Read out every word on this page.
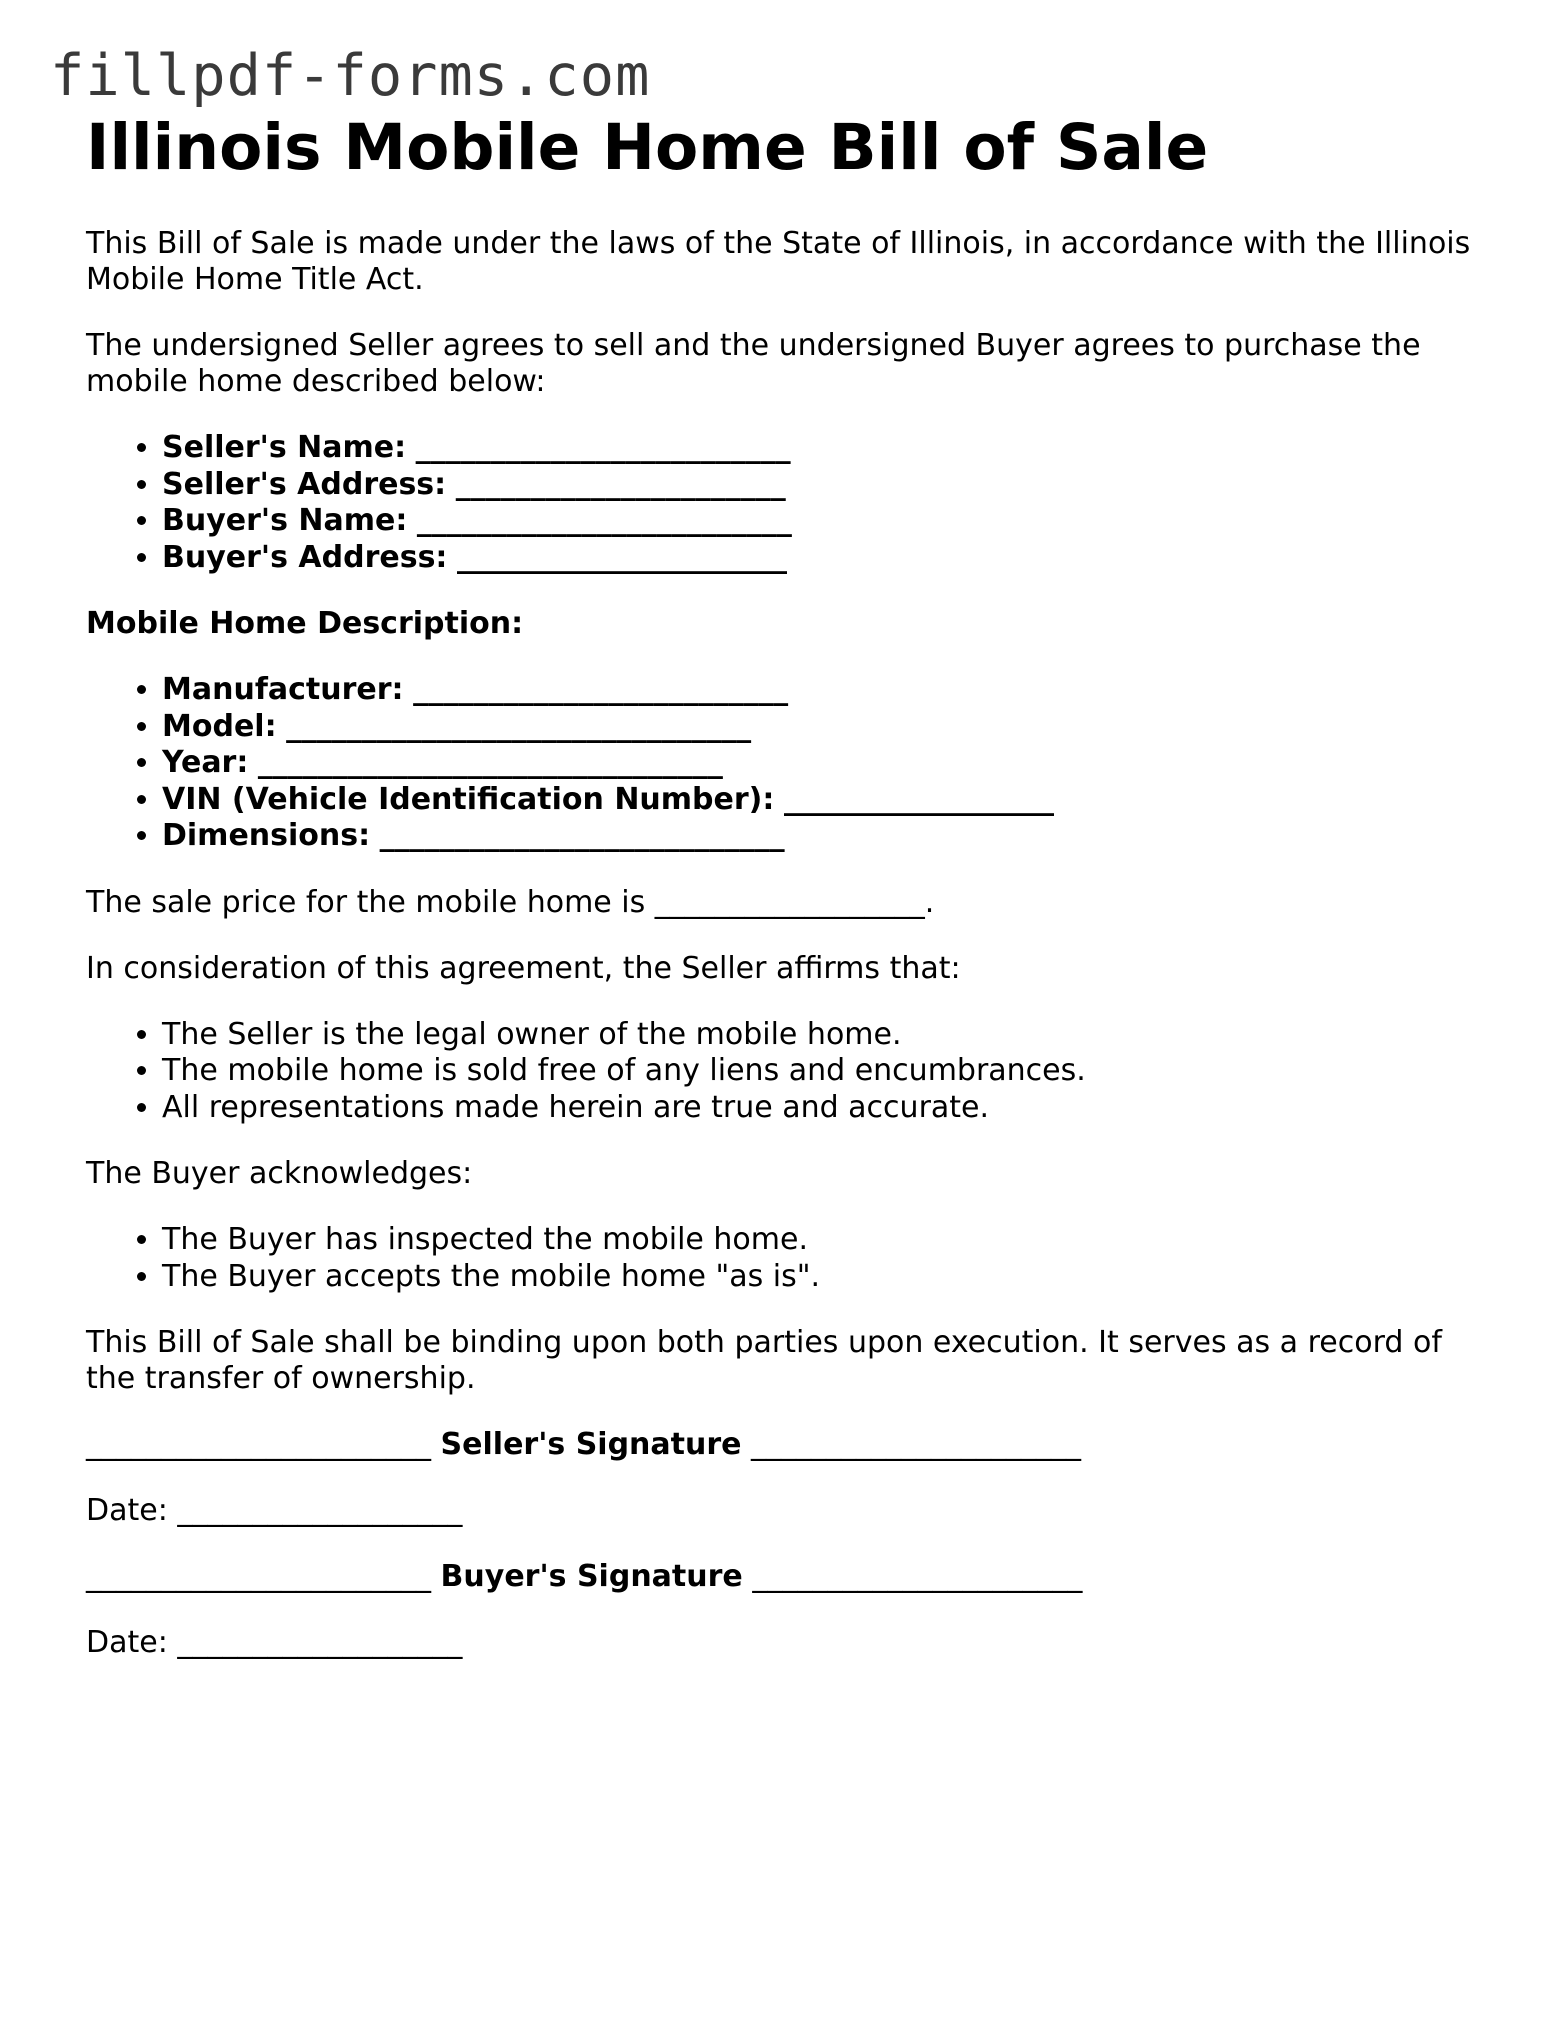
fillpdf-forms.com
Illinois Mobile Home Bill of Sale

This Bill of Sale is made under the laws of the State of Illinois, in accordance with the Illinois Mobile Home Title Act.

The undersigned Seller agrees to sell and the undersigned Buyer agrees to purchase the mobile home described below:

• Seller's Name: _________________________
• Seller's Address: ______________________
• Buyer's Name: _________________________
• Buyer's Address: ______________________

Mobile Home Description:

• Manufacturer: _________________________
• Model: _______________________________
• Year: _______________________________
• VIN (Vehicle Identification Number): __________________
• Dimensions: ___________________________

The sale price for the mobile home is __________________.

In consideration of this agreement, the Seller affirms that:

• The Seller is the legal owner of the mobile home.
• The mobile home is sold free of any liens and encumbrances.
• All representations made herein are true and accurate.

The Buyer acknowledges:

• The Buyer has inspected the mobile home.
• The Buyer accepts the mobile home "as is".

This Bill of Sale shall be binding upon both parties upon execution. It serves as a record of the transfer of ownership.

_______________________ Seller's Signature ______________________

Date: ___________________

_______________________ Buyer's Signature ______________________

Date: ___________________
